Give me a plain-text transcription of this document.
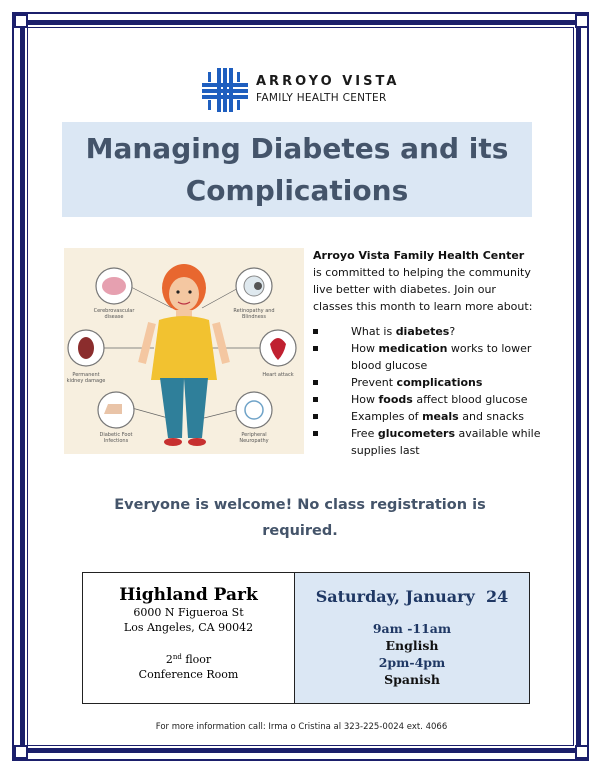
ARROYO VISTA
FAMILY HEALTH CENTER
Managing Diabetes and its Complications
Cerebrovascular disease
Retinopathy and Blindness
Permanent kidney damage
Heart attack
Diabetic Foot Infections
Peripheral Neuropathy
Arroyo Vista Family Health Center is committed to helping the community live better with diabetes. Join our classes this month to learn more about:
What is diabetes?
How medication works to lower blood glucose
Prevent complications
How foods affect blood glucose
Examples of meals and snacks
Free glucometers available while supplies last
Everyone is welcome! No class registration is required.
Highland Park
6000 N Figueroa St
Los Angeles, CA 90042
2nd floor
Conference Room
Saturday, January  24
9am -11am
English
2pm-4pm
Spanish
For more information call: Irma o Cristina al 323-225-0024 ext. 4066
